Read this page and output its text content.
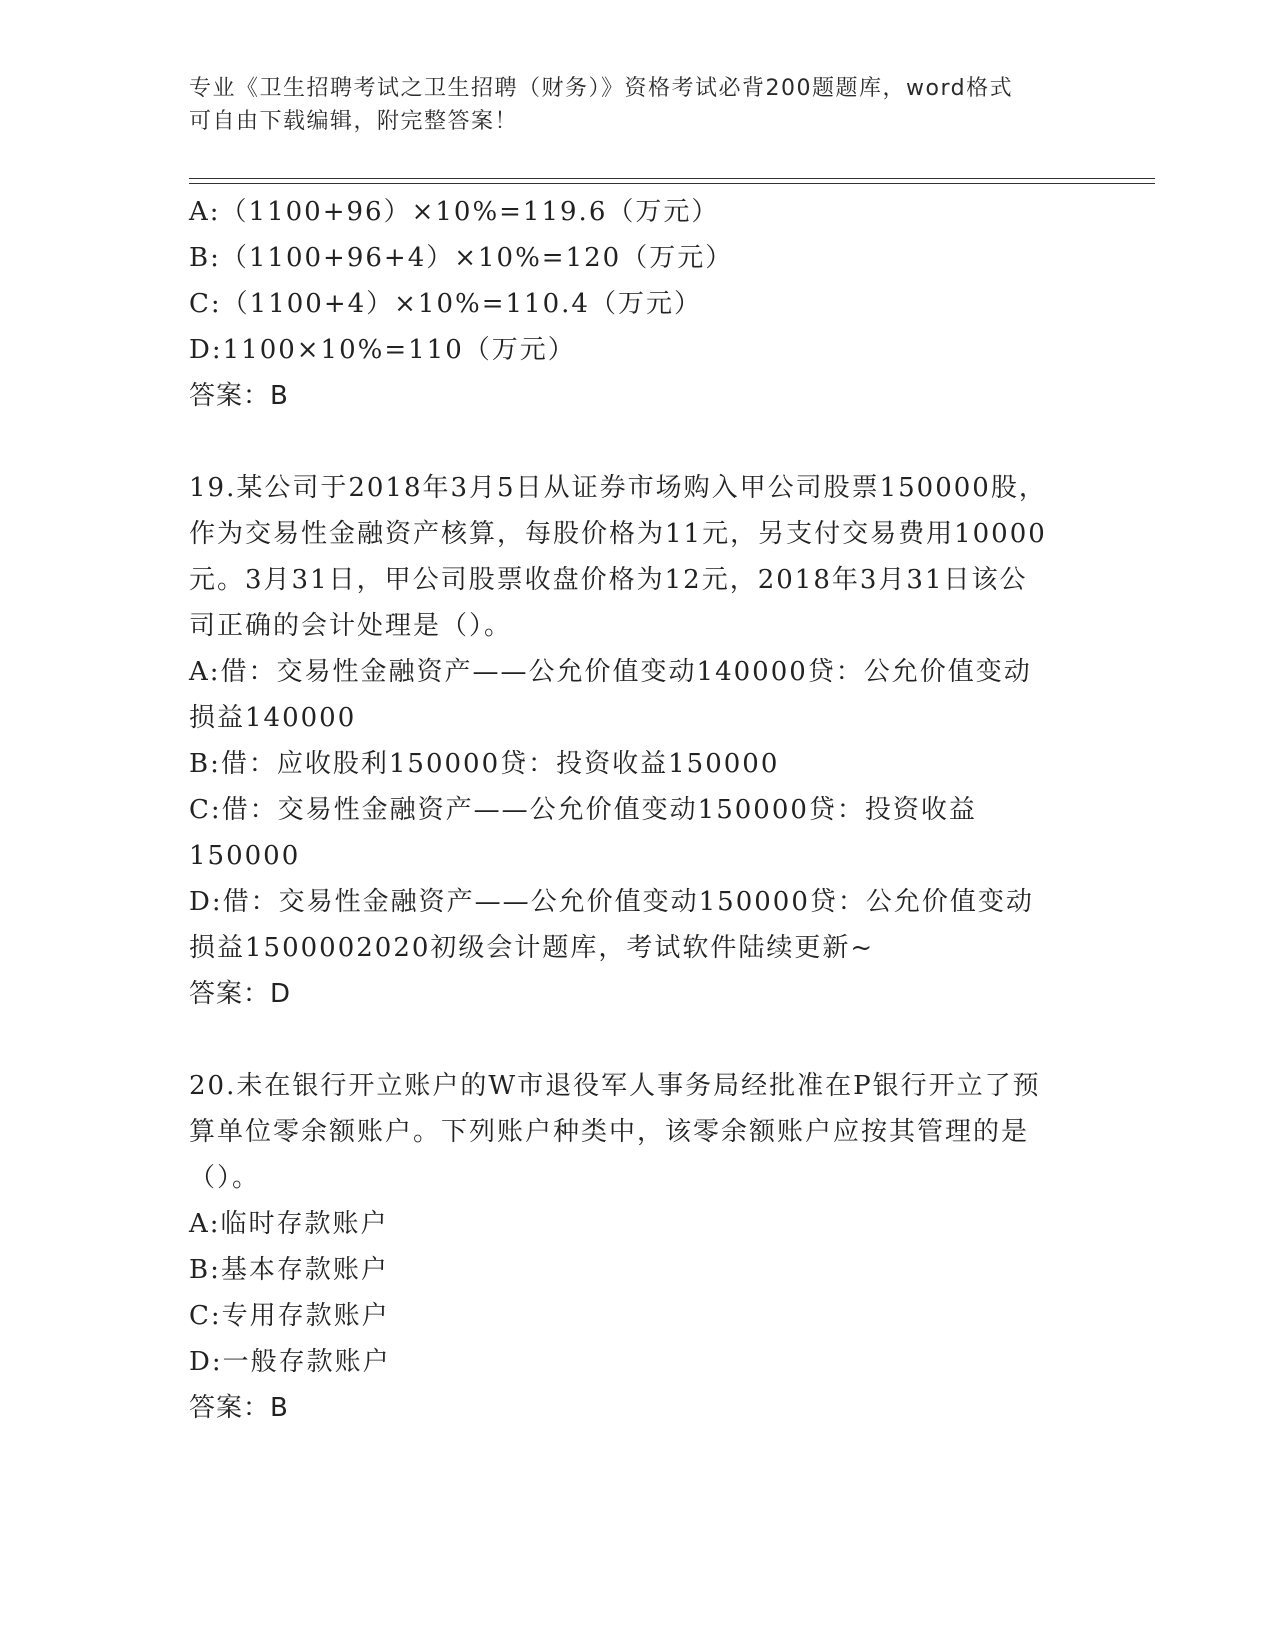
专业《卫生招聘考试之卫生招聘（财务）》资格考试必背200题题库，word格式
可自由下载编辑，附完整答案！
A:（1100+96）×10%=119.6（万元）
B:（1100+96+4）×10%=120（万元）
C:（1100+4）×10%=110.4（万元）
D:1100×10%=110（万元）
答案：B
19.某公司于2018年3月5日从证券市场购入甲公司股票150000股，
作为交易性金融资产核算，每股价格为11元，另支付交易费用10000
元。3月31日，甲公司股票收盘价格为12元，2018年3月31日该公
司正确的会计处理是（）。
A:借：交易性金融资产——公允价值变动140000贷：公允价值变动
损益140000
B:借：应收股利150000贷：投资收益150000
C:借：交易性金融资产——公允价值变动150000贷：投资收益
150000
D:借：交易性金融资产——公允价值变动150000贷：公允价值变动
损益1500002020初级会计题库，考试软件陆续更新~
答案：D
20.未在银行开立账户的W市退役军人事务局经批准在P银行开立了预
算单位零余额账户。下列账户种类中，该零余额账户应按其管理的是
（）。
A:临时存款账户
B:基本存款账户
C:专用存款账户
D:一般存款账户
答案：B
